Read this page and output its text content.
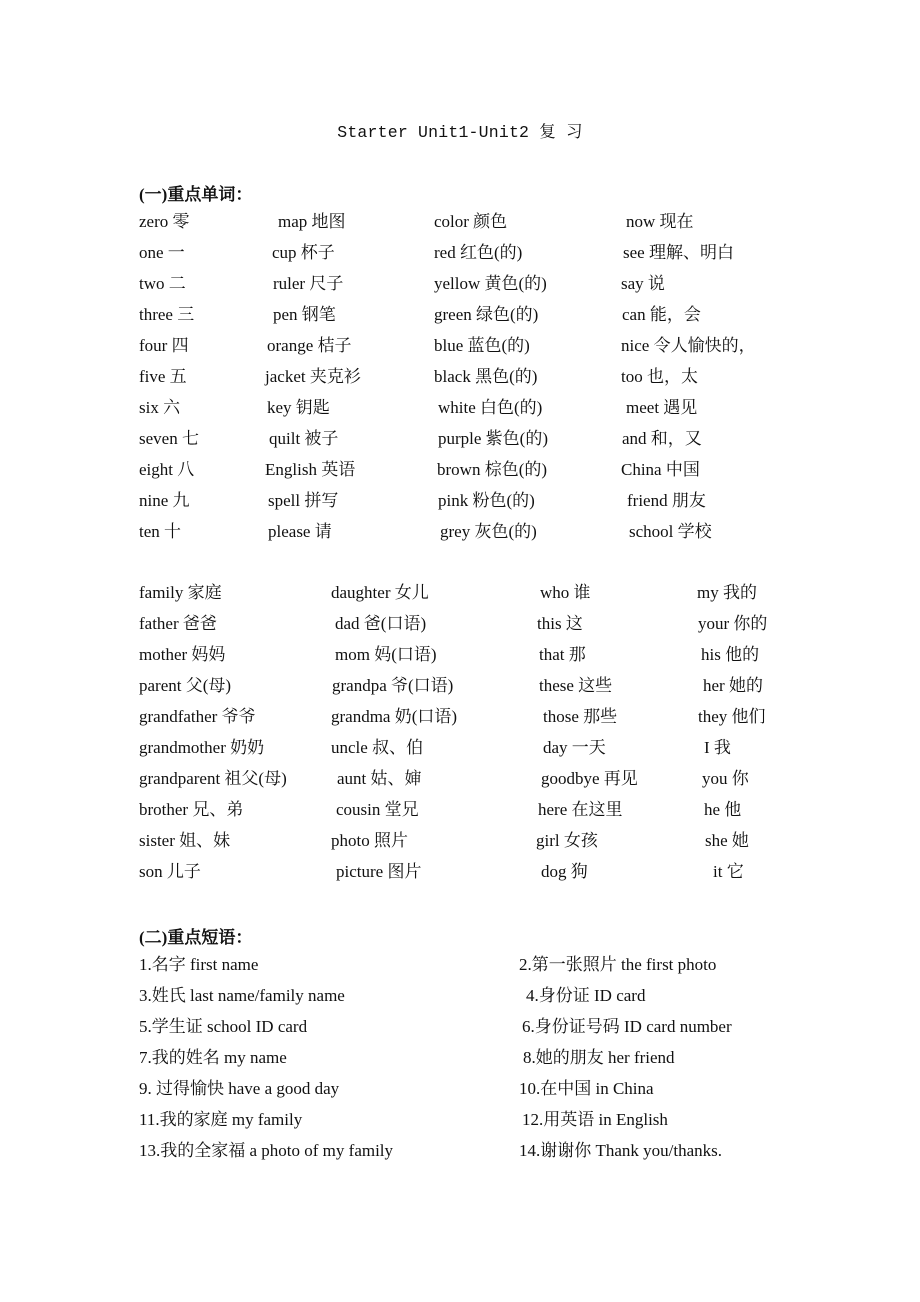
Starter Unit1-Unit2 复 习
(一)重点单词：
zero 零
one 一
two 二
three 三
four 四
five 五
six 六
seven 七
eight 八
nine 九
ten 十
map 地图
cup 杯子
ruler 尺子
pen 钢笔
orange 桔子
jacket 夹克衫
key 钥匙
quilt 被子
English 英语
spell 拼写
please 请
color 颜色
red 红色(的)
yellow 黄色(的)
green 绿色(的)
blue 蓝色(的)
black 黑色(的)
white 白色(的)
purple 紫色(的)
brown 棕色(的)
pink 粉色(的)
grey 灰色(的)
now 现在
see 理解、明白
say 说
can 能，会
nice 令人愉快的，
too 也，太
meet 遇见
and 和，又
China 中国
friend 朋友
school 学校
family 家庭
father 爸爸
mother 妈妈
parent 父(母)
grandfather 爷爷
grandmother 奶奶
grandparent 祖父(母)
brother 兄、弟
sister 姐、妹
son 儿子
daughter 女儿
dad 爸(口语)
mom 妈(口语)
grandpa 爷(口语)
grandma 奶(口语)
uncle 叔、伯
aunt 姑、婶
cousin 堂兄
photo 照片
picture 图片
who 谁
this 这
that 那
these 这些
those 那些
day 一天
goodbye 再见
here 在这里
girl 女孩
dog 狗
my 我的
your 你的
his 他的
her 她的
they 他们
I 我
you 你
he 他
she 她
it 它
(二)重点短语：
1.名字 first name
3.姓氏 last name/family name
5.学生证 school ID card
7.我的姓名 my name
9. 过得愉快 have a good day
11.我的家庭 my family
13.我的全家福 a photo of my family
2.第一张照片 the first photo
4.身份证 ID card
6.身份证号码 ID card number
8.她的朋友 her friend
10.在中国 in China
12.用英语 in English
14.谢谢你 Thank you/thanks.
